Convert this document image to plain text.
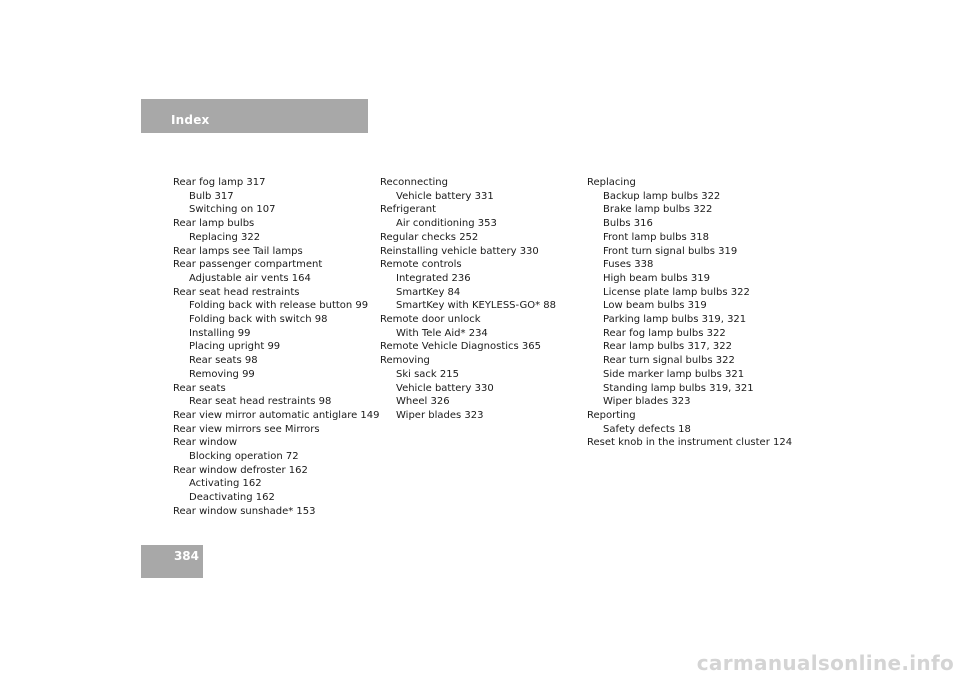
Index
Rear fog lamp 317
Bulb 317
Switching on 107
Rear lamp bulbs
Replacing 322
Rear lamps see Tail lamps
Rear passenger compartment
Adjustable air vents 164
Rear seat head restraints
Folding back with release button 99
Folding back with switch 98
Installing 99
Placing upright 99
Rear seats 98
Removing 99
Rear seats
Rear seat head restraints 98
Rear view mirror automatic antiglare 149
Rear view mirrors see Mirrors
Rear window
Blocking operation 72
Rear window defroster 162
Activating 162
Deactivating 162
Rear window sunshade* 153
Reconnecting
Vehicle battery 331
Refrigerant
Air conditioning 353
Regular checks 252
Reinstalling vehicle battery 330
Remote controls
Integrated 236
SmartKey 84
SmartKey with KEYLESS-GO* 88
Remote door unlock
With Tele Aid* 234
Remote Vehicle Diagnostics 365
Removing
Ski sack 215
Vehicle battery 330
Wheel 326
Wiper blades 323
Replacing
Backup lamp bulbs 322
Brake lamp bulbs 322
Bulbs 316
Front lamp bulbs 318
Front turn signal bulbs 319
Fuses 338
High beam bulbs 319
License plate lamp bulbs 322
Low beam bulbs 319
Parking lamp bulbs 319, 321
Rear fog lamp bulbs 322
Rear lamp bulbs 317, 322
Rear turn signal bulbs 322
Side marker lamp bulbs 321
Standing lamp bulbs 319, 321
Wiper blades 323
Reporting
Safety defects 18
Reset knob in the instrument cluster 124
384
carmanualsonline.info
